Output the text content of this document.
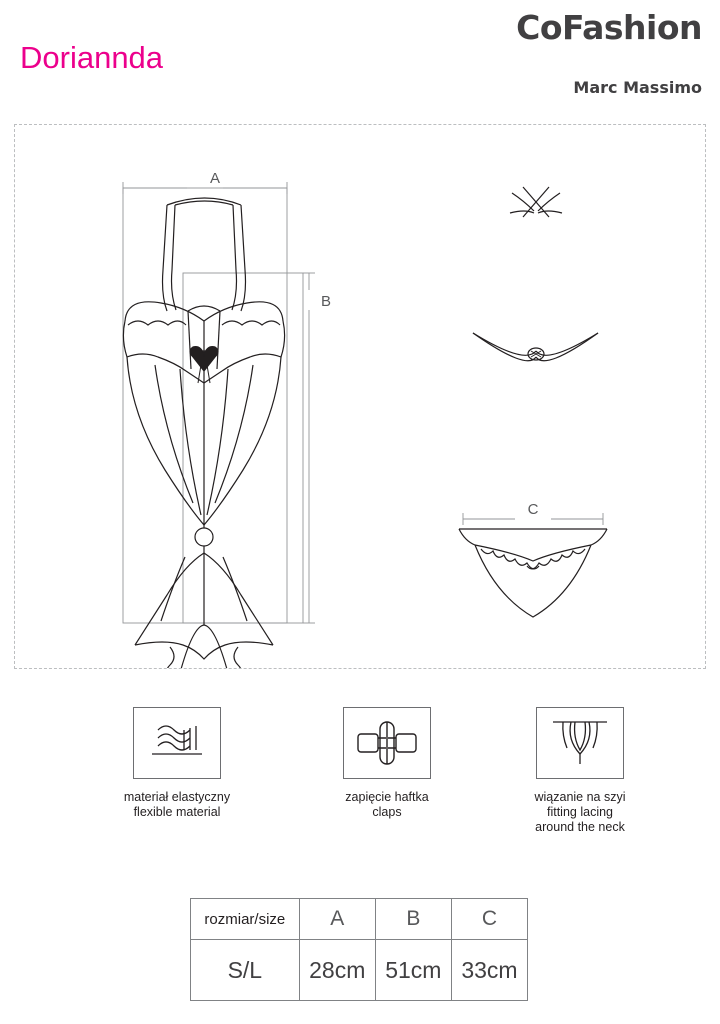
CoFashion
Marc Massimo
Doriannda
A
B
C
materiał elastyczny
flexible material
zapięcie haftka
claps
wiązanie na szyi
fitting lacing
around the neck
rozmiar/size	A	B	C
S/L	28cm	51cm	33cm
